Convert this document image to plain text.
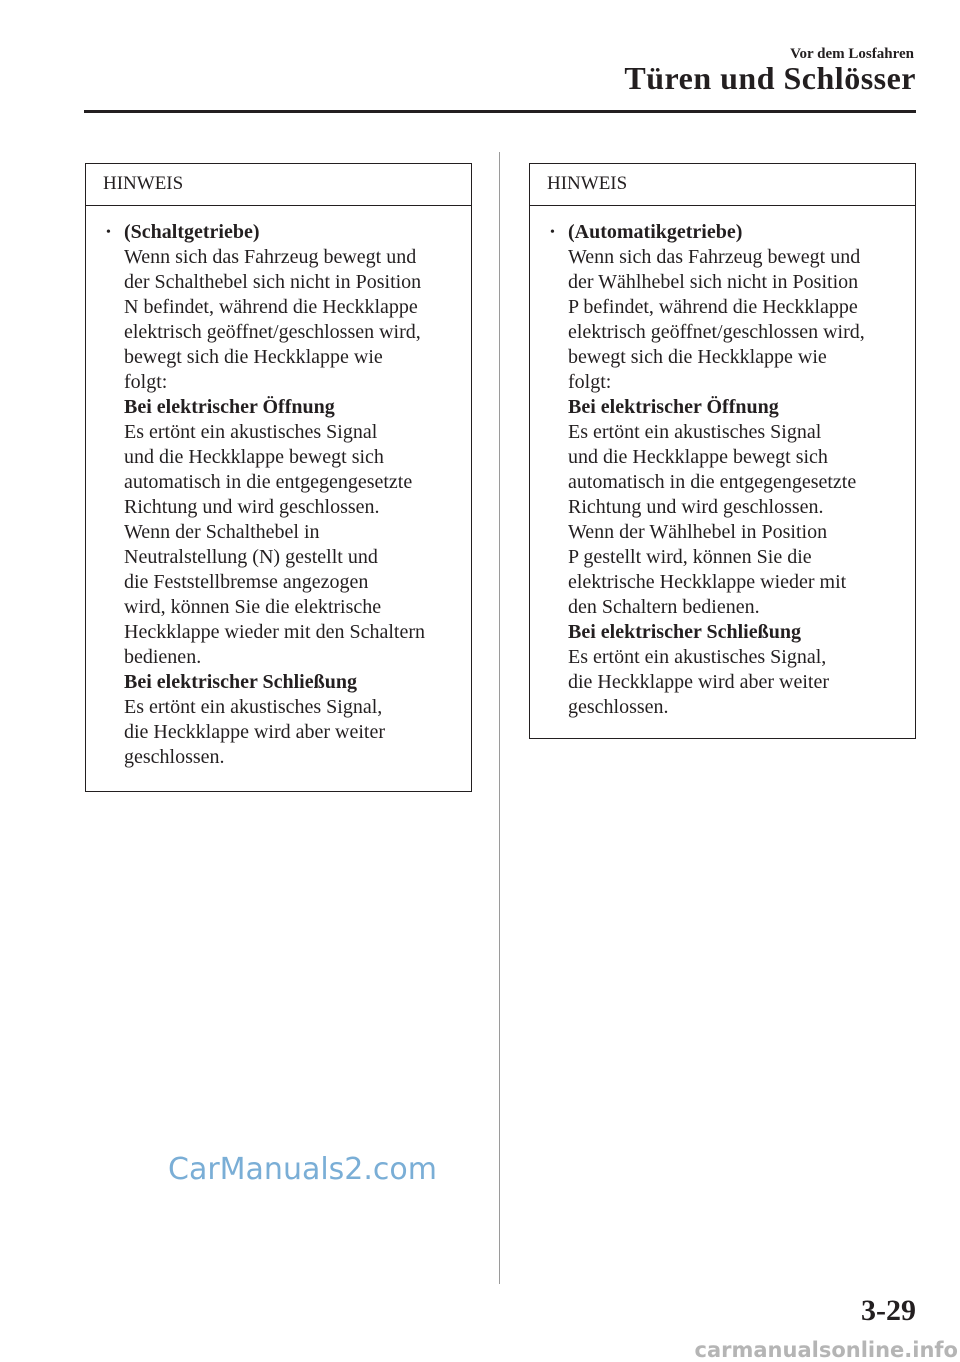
Vor dem Losfahren
Türen und Schlösser
HINWEIS
• (Schaltgetriebe)
Wenn sich das Fahrzeug bewegt und
der Schalthebel sich nicht in Position
N befindet, während die Heckklappe
elektrisch geöffnet/geschlossen wird,
bewegt sich die Heckklappe wie
folgt:
Bei elektrischer Öffnung
Es ertönt ein akustisches Signal
und die Heckklappe bewegt sich
automatisch in die entgegengesetzte
Richtung und wird geschlossen.
Wenn der Schalthebel in
Neutralstellung (N) gestellt und
die Feststellbremse angezogen
wird, können Sie die elektrische
Heckklappe wieder mit den Schaltern
bedienen.
Bei elektrischer Schließung
Es ertönt ein akustisches Signal,
die Heckklappe wird aber weiter
geschlossen.
HINWEIS
• (Automatikgetriebe)
Wenn sich das Fahrzeug bewegt und
der Wählhebel sich nicht in Position
P befindet, während die Heckklappe
elektrisch geöffnet/geschlossen wird,
bewegt sich die Heckklappe wie
folgt:
Bei elektrischer Öffnung
Es ertönt ein akustisches Signal
und die Heckklappe bewegt sich
automatisch in die entgegengesetzte
Richtung und wird geschlossen.
Wenn der Wählhebel in Position
P gestellt wird, können Sie die
elektrische Heckklappe wieder mit
den Schaltern bedienen.
Bei elektrischer Schließung
Es ertönt ein akustisches Signal,
die Heckklappe wird aber weiter
geschlossen.
CarManuals2.com
3-29
carmanualsonline.info
